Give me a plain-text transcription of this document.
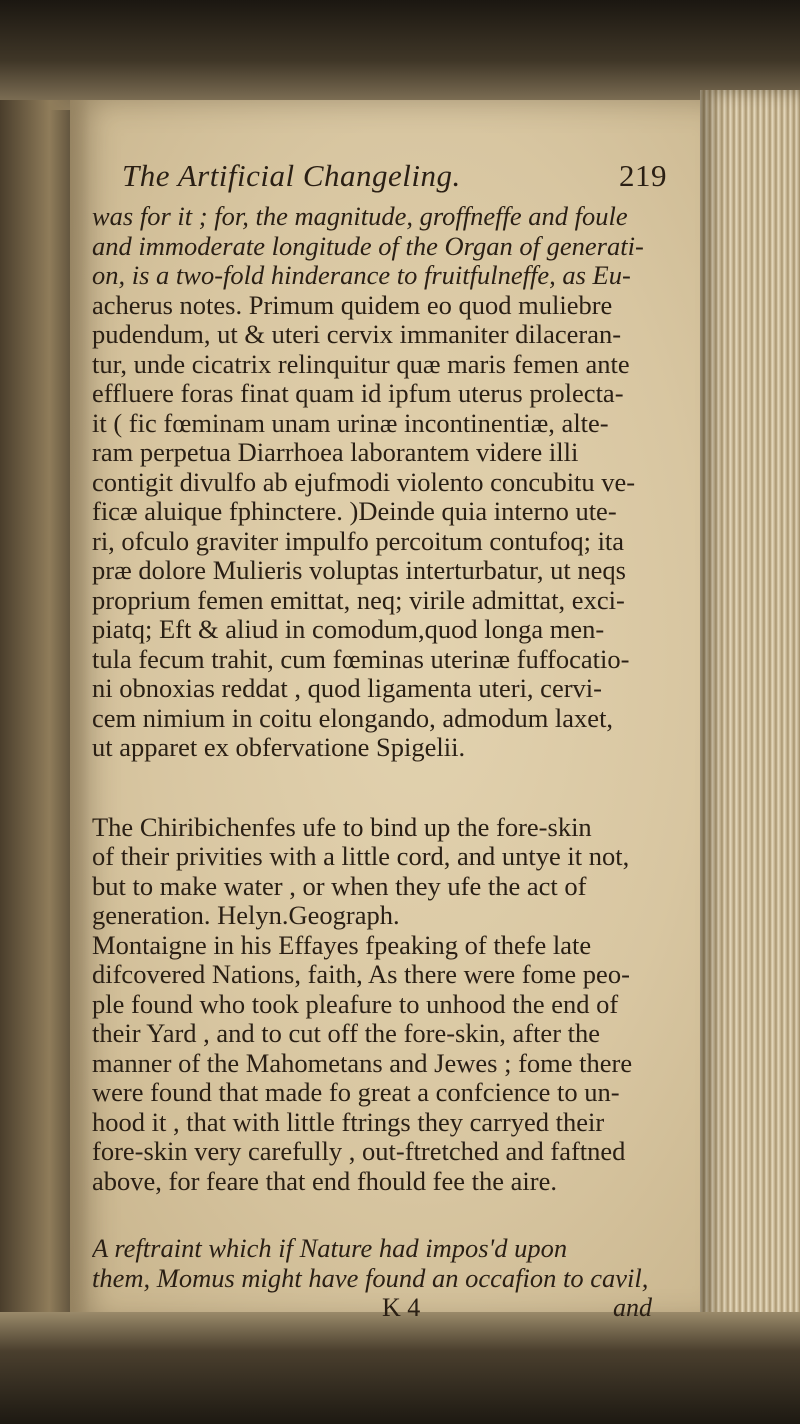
The Artificial Changeling.	219
was for it ; for, the magnitude, groffneffe and foule
and immoderate longitude of the Organ of generati-
on, is a two-fold hinderance to fruitfulneffe, as Eu-
acherus notes. Primum quidem eo quod muliebre
pudendum, ut & uteri cervix immaniter dilaceran-
tur, unde cicatrix relinquitur quæ maris femen ante
effluere foras finat quam id ipfum uterus prolecta-
it ( fic fœminam unam urinæ incontinentiæ, alte-
ram perpetua Diarrhoea laborantem videre illi
contigit divulfo ab ejufmodi violento concubitu ve-
ficæ aluique fphinctere. )Deinde quia interno ute-
ri, ofculo graviter impulfo percoitum contufoq; ita
præ dolore Mulieris voluptas interturbatur, ut neqs
proprium femen emittat, neq; virile admittat, exci-
piatq; Eft & aliud in comodum,quod longa men-
tula fecum trahit, cum fœminas uterinæ fuffocatio-
ni obnoxias reddat , quod ligamenta uteri, cervi-
cem nimium in coitu elongando, admodum laxet,
ut apparet ex obfervatione Spigelii.
The Chiribichenfes ufe to bind up the fore-skin
of their privities with a little cord, and untye it not,
but to make water , or when they ufe the act of
generation. Helyn.Geograph.
Montaigne in his Effayes fpeaking of thefe late
difcovered Nations, faith, As there were fome peo-
ple found who took pleafure to unhood the end of
their Yard , and to cut off the fore-skin, after the
manner of the Mahometans and Jewes ; fome there
were found that made fo great a confcience to un-
hood it , that with little ftrings they carryed their
fore-skin very carefully , out-ftretched and faftned
above, for feare that end fhould fee the aire.
A reftraint which if Nature had impos'd upon
them, Momus might have found an occafion to cavil,
K 4	and
